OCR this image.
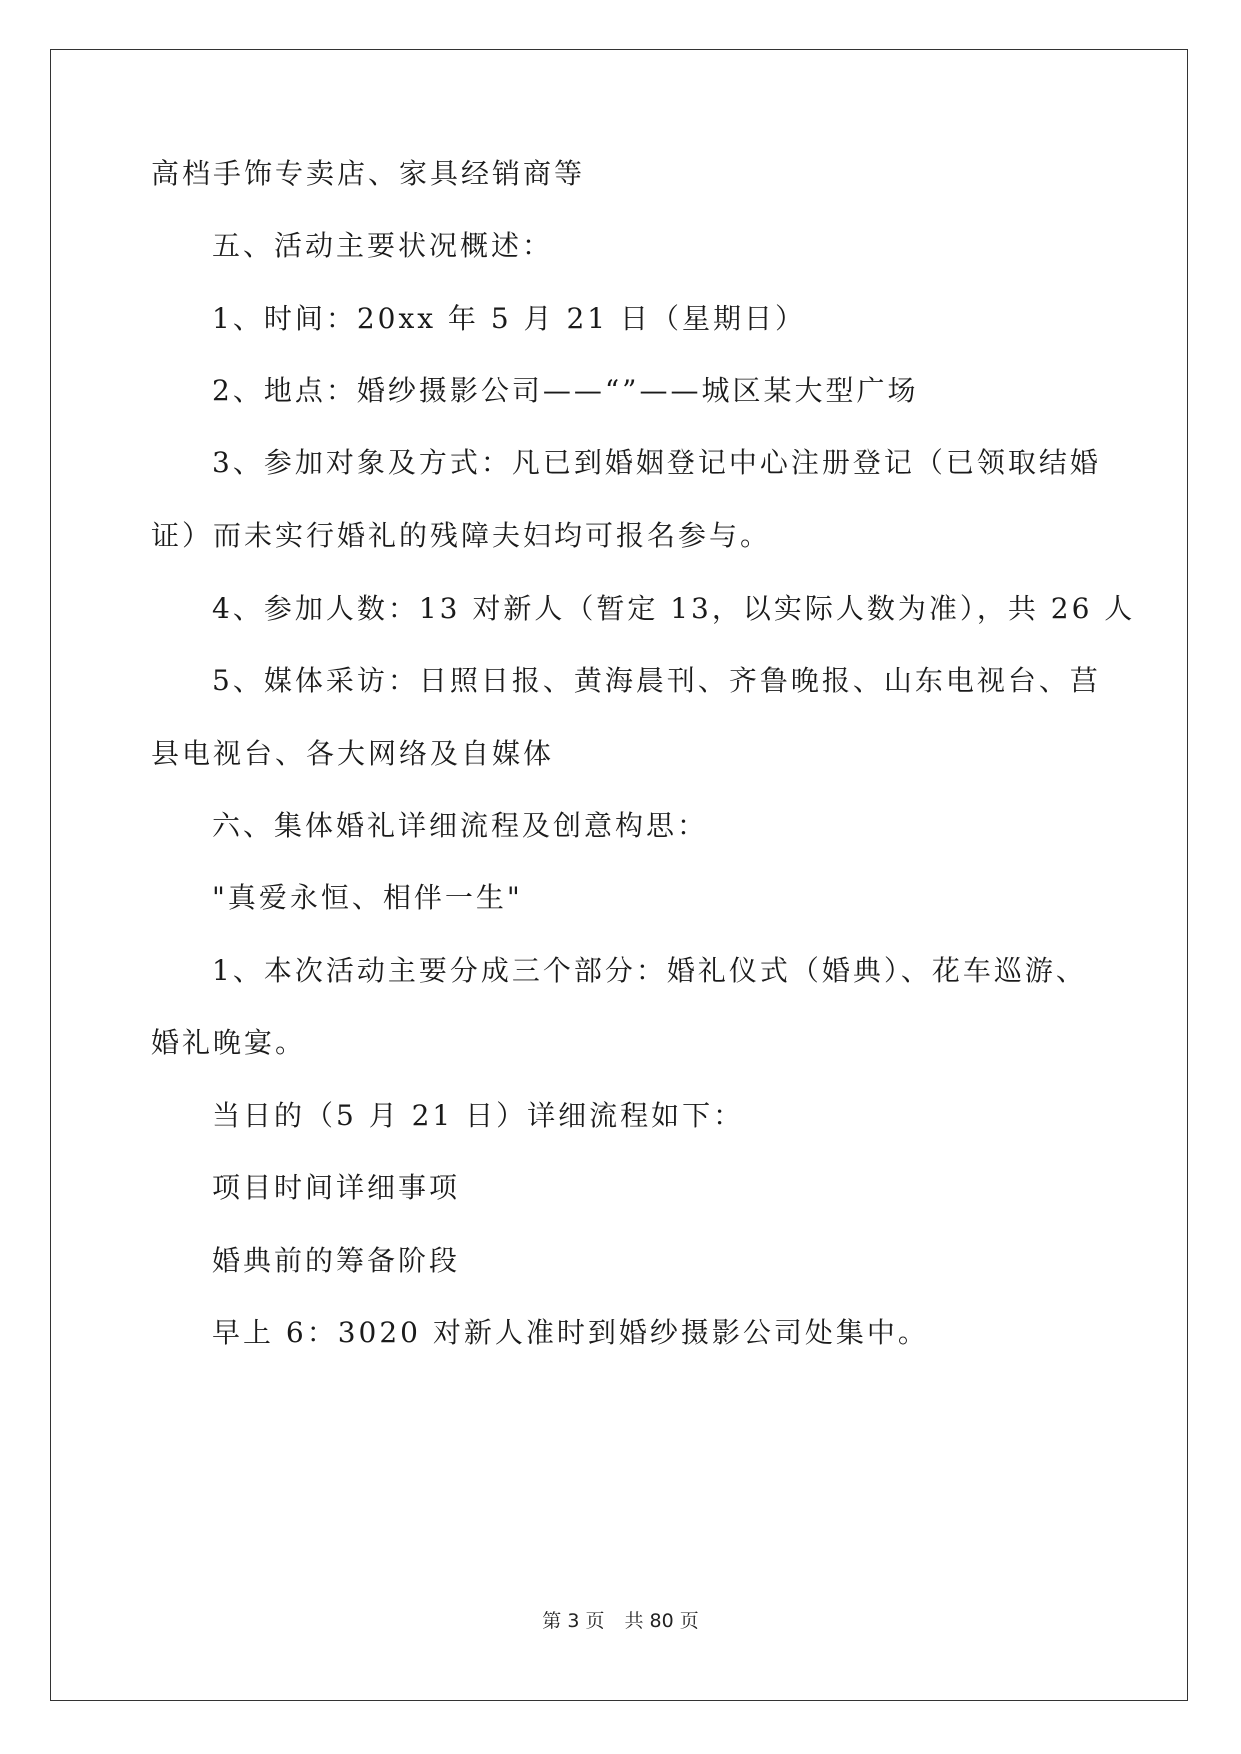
高档手饰专卖店、家具经销商等
五、活动主要状况概述：
1、时间：20xx 年 5 月 21 日（星期日）
2、地点：婚纱摄影公司——“”——城区某大型广场
3、参加对象及方式：凡已到婚姻登记中心注册登记（已领取结婚
证）而未实行婚礼的残障夫妇均可报名参与。
4、参加人数：13 对新人（暂定 13，以实际人数为准），共 26 人
5、媒体采访：日照日报、黄海晨刊、齐鲁晚报、山东电视台、莒
县电视台、各大网络及自媒体
六、集体婚礼详细流程及创意构思：
"真爱永恒、相伴一生"
1、本次活动主要分成三个部分：婚礼仪式（婚典）、花车巡游、
婚礼晚宴。
当日的（5 月 21 日）详细流程如下：
项目时间详细事项
婚典前的筹备阶段
早上 6：3020 对新人准时到婚纱摄影公司处集中。
第 3 页 共 80 页
